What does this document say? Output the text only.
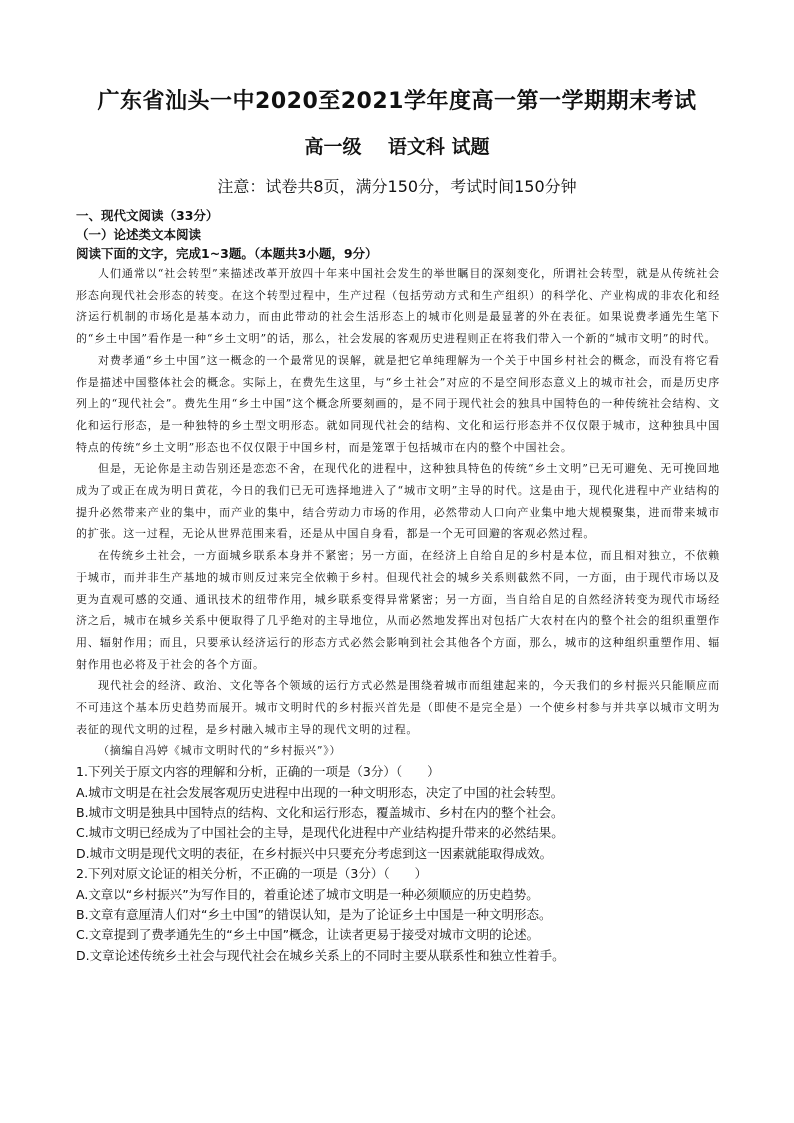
广东省汕头一中2020至2021学年度高一第一学期期末考试
高一级    语文科 试题

注意：试卷共8页，满分150分，考试时间150分钟

一、现代文阅读（33分）

（一）论述类文本阅读

阅读下面的文字，完成1~3题。（本题共3小题，9分）

人们通常以“社会转型”来描述改革开放四十年来中国社会发生的举世瞩目的深刻变化，所谓社会转型，就是从传统社会形态向现代社会形态的转变。在这个转型过程中，生产过程（包括劳动方式和生产组织）的科学化、产业构成的非农化和经济运行机制的市场化是基本动力，而由此带动的社会生活形态上的城市化则是最显著的外在表征。如果说费孝通先生笔下的“乡土中国”看作是一种“乡土文明”的话，那么，社会发展的客观历史进程则正在将我们带入一个新的“城市文明”的时代。

对费孝通“乡土中国”这一概念的一个最常见的误解，就是把它单纯理解为一个关于中国乡村社会的概念，而没有将它看作是描述中国整体社会的概念。实际上，在费先生这里，与“乡土社会”对应的不是空间形态意义上的城市社会，而是历史序列上的“现代社会”。费先生用“乡土中国”这个概念所要刻画的，是不同于现代社会的独具中国特色的一种传统社会结构、文化和运行形态，是一种独特的乡土型文明形态。就如同现代社会的结构、文化和运行形态并不仅仅限于城市，这种独具中国特点的传统“乡土文明”形态也不仅仅限于中国乡村，而是笼罩于包括城市在内的整个中国社会。

但是，无论你是主动告别还是恋恋不舍，在现代化的进程中，这种独具特色的传统“乡土文明”已无可避免、无可挽回地成为了或正在成为明日黄花，今日的我们已无可选择地进入了“城市文明”主导的时代。这是由于，现代化进程中产业结构的提升必然带来产业的集中，而产业的集中，结合劳动力市场的作用，必然带动人口向产业集中地大规模聚集，进而带来城市的扩张。这一过程，无论从世界范围来看，还是从中国自身看，都是一个无可回避的客观必然过程。

在传统乡土社会，一方面城乡联系本身并不紧密；另一方面，在经济上自给自足的乡村是本位，而且相对独立，不依赖于城市，而并非生产基地的城市则反过来完全依赖于乡村。但现代社会的城乡关系则截然不同，一方面，由于现代市场以及更为直观可感的交通、通讯技术的纽带作用，城乡联系变得异常紧密；另一方面，当自给自足的自然经济转变为现代市场经济之后，城市在城乡关系中便取得了几乎绝对的主导地位，从而必然地发挥出对包括广大农村在内的整个社会的组织重塑作用、辐射作用；而且，只要承认经济运行的形态方式必然会影响到社会其他各个方面，那么，城市的这种组织重塑作用、辐射作用也必将及于社会的各个方面。

现代社会的经济、政治、文化等各个领域的运行方式必然是围绕着城市而组建起来的，今天我们的乡村振兴只能顺应而不可违这个基本历史趋势而展开。城市文明时代的乡村振兴首先是（即使不是完全是）一个使乡村参与并共享以城市文明为表征的现代文明的过程，是乡村融入城市主导的现代文明的过程。

（摘编自冯婷《城市文明时代的“乡村振兴”》）

1.下列关于原文内容的理解和分析，正确的一项是（3分）（　　）

A.城市文明是在社会发展客观历史进程中出现的一种文明形态，决定了中国的社会转型。

B.城市文明是独具中国特点的结构、文化和运行形态，覆盖城市、乡村在内的整个社会。

C.城市文明已经成为了中国社会的主导，是现代化进程中产业结构提升带来的必然结果。

D.城市文明是现代文明的表征，在乡村振兴中只要充分考虑到这一因素就能取得成效。

2.下列对原文论证的相关分析，不正确的一项是（3分）（　　）

A.文章以“乡村振兴”为写作目的，着重论述了城市文明是一种必须顺应的历史趋势。

B.文章有意厘清人们对“乡土中国”的错误认知，是为了论证乡土中国是一种文明形态。

C.文章提到了费孝通先生的“乡土中国”概念，让读者更易于接受对城市文明的论述。

D.文章论述传统乡土社会与现代社会在城乡关系上的不同时主要从联系性和独立性着手。
